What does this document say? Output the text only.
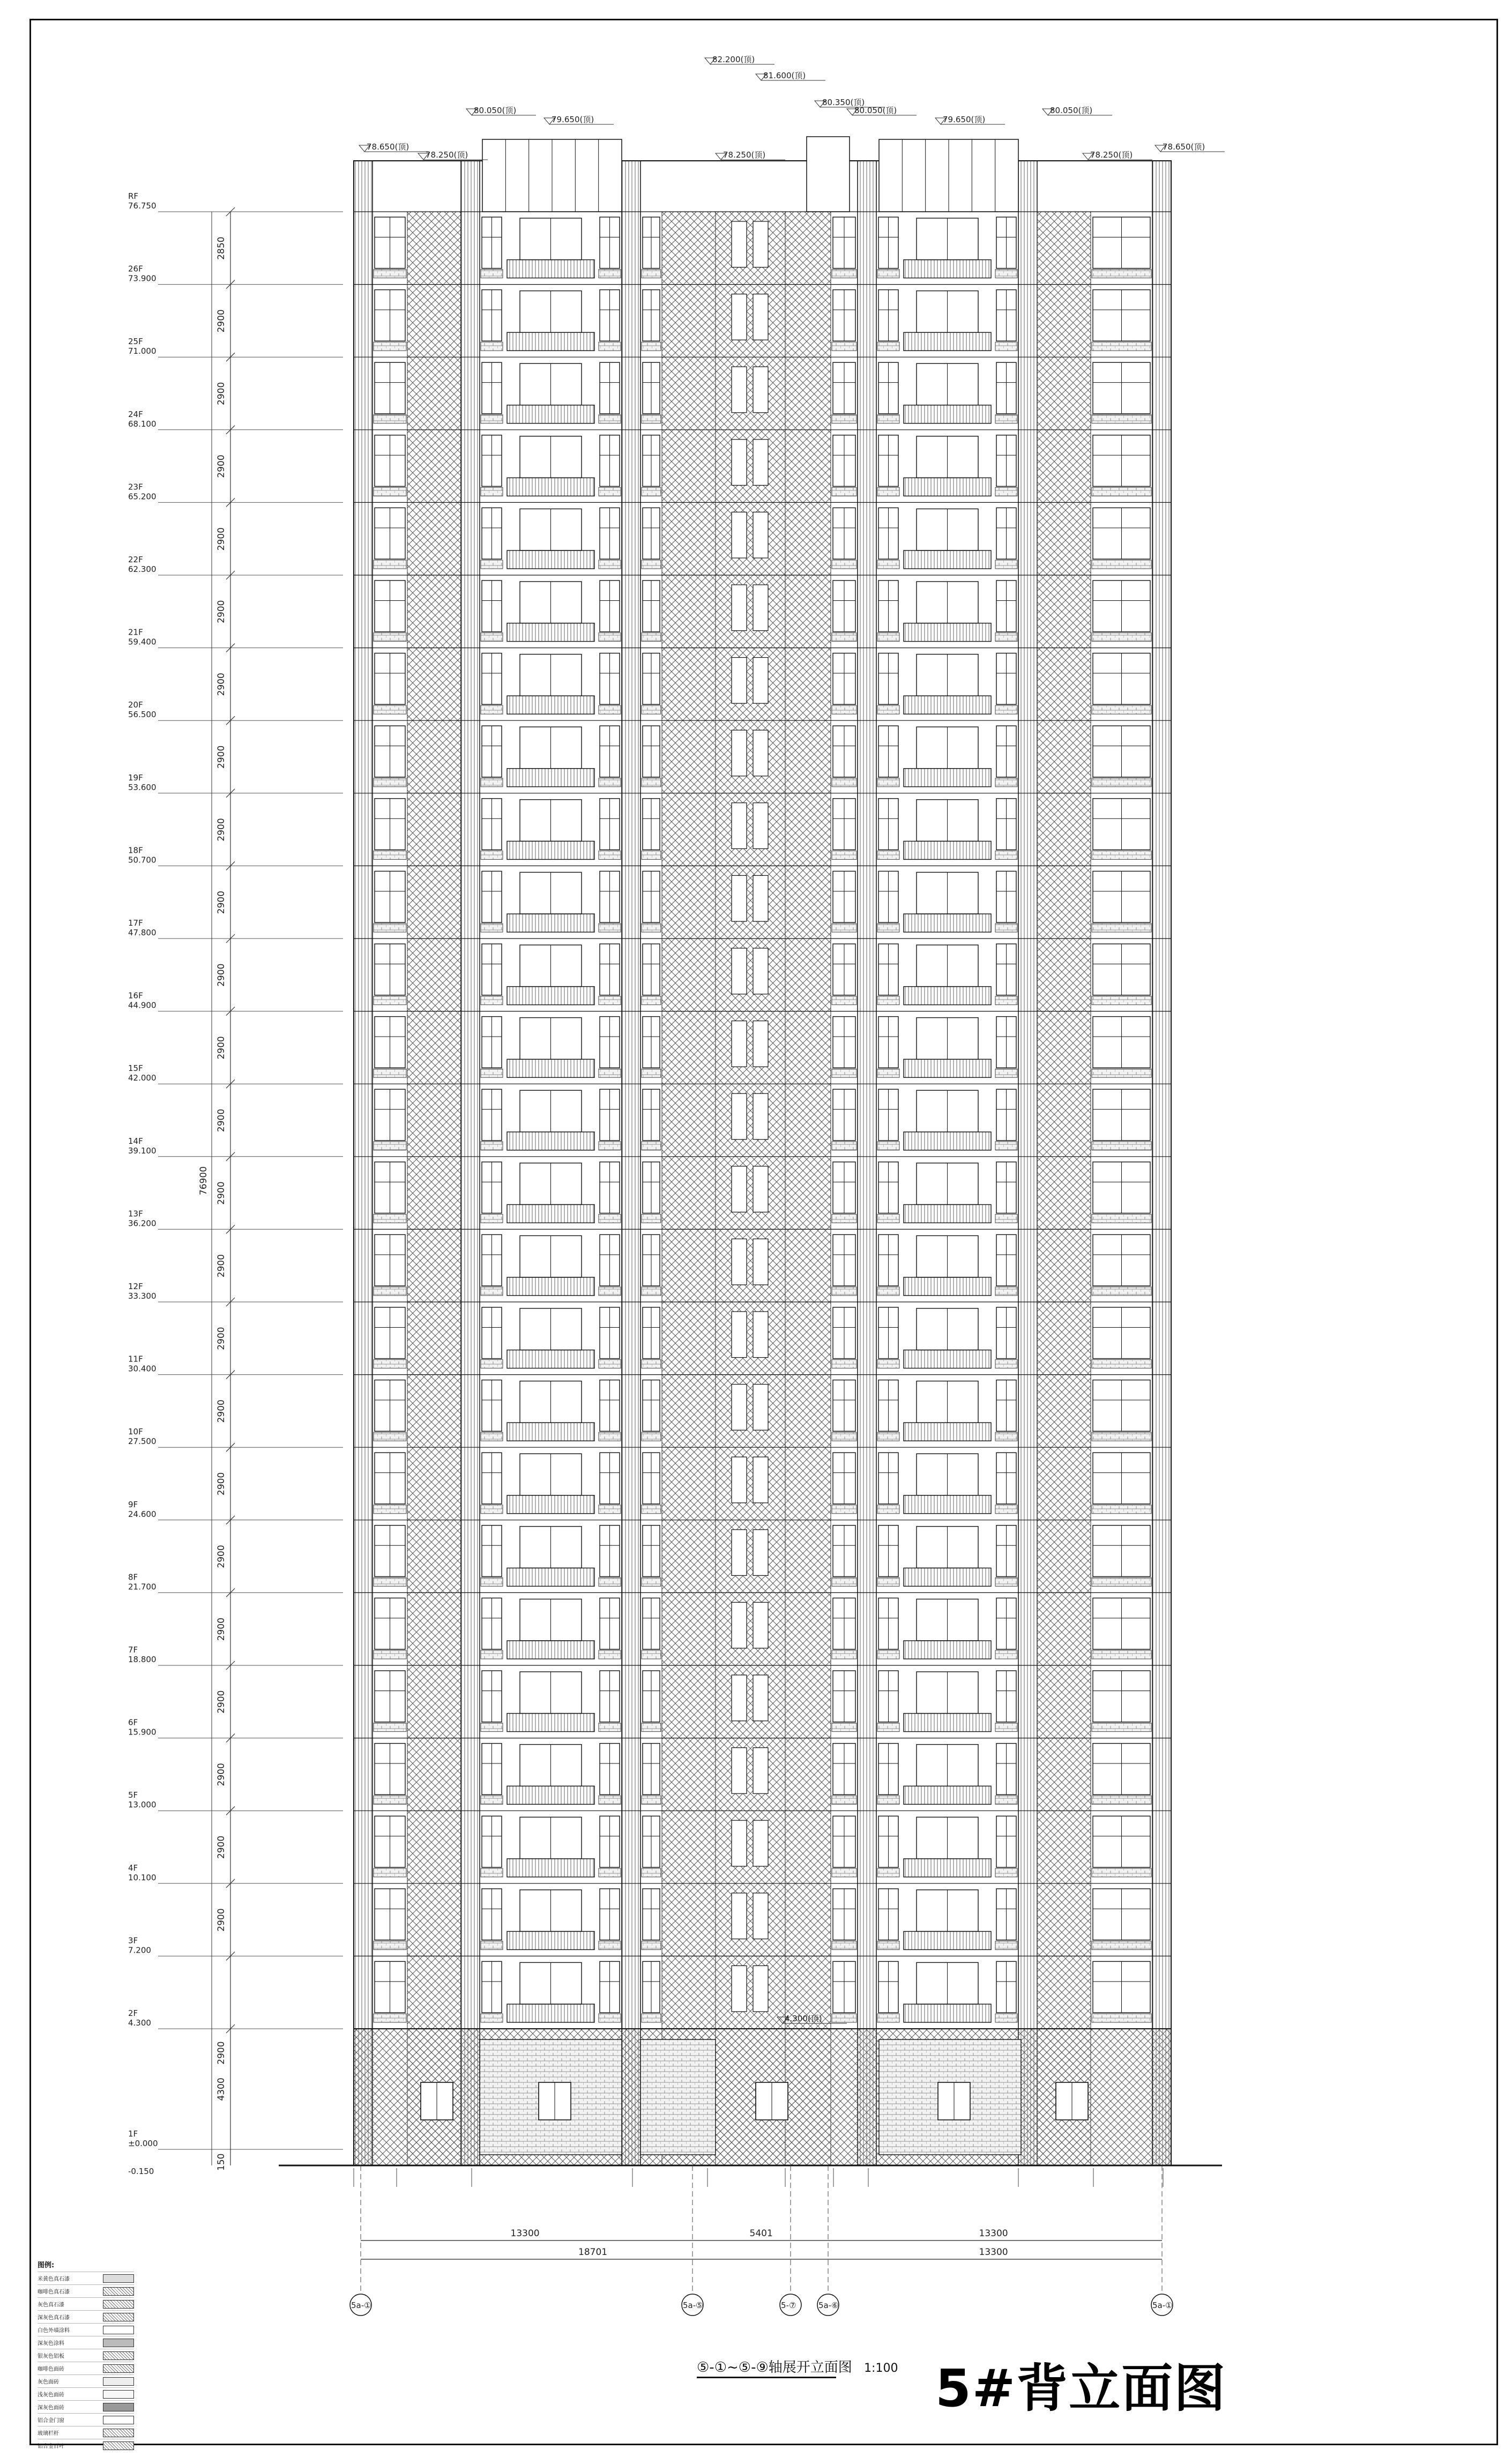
RF
76.750
26F
73.900
25F
71.000
24F
68.100
23F
65.200
22F
62.300
21F
59.400
20F
56.500
19F
53.600
18F
50.700
17F
47.800
16F
44.900
15F
42.000
14F
39.100
13F
36.200
12F
33.300
11F
30.400
10F
27.500
9F
24.600
8F
21.700
7F
18.800
6F
15.900
5F
13.000
4F
10.100
3F
7.200
2F
4.300
1F
±0.000
-0.150
2850
2900
2900
2900
2900
2900
2900
2900
2900
2900
2900
2900
2900
2900
2900
2900
2900
2900
2900
2900
2900
2900
2900
2900
2900
4300
150
76900
82.200(顶)
81.600(顶)
80.350(顶)
80.050(顶)
79.650(顶)
78.650(顶)
78.250(顶)
78.650(顶)
78.250(顶)
80.050(顶)
79.650(顶)
80.050(顶)
78.250(顶)
4.300(顶)
13300	5401	13300
18701	13300
5a-①	5a-⑤	5-⑦	5a-⑥	5a-①
图例:
米黄色真石漆
咖啡色真石漆
灰色真石漆
深灰色真石漆
白色外墙涂料
深灰色涂料
银灰色铝板
咖啡色面砖
灰色面砖
浅灰色面砖
深灰色面砖
铝合金门窗
玻璃栏杆
铝合金百叶
⑤-①~⑤-⑨轴展开立面图 1:100 5#背立面图
